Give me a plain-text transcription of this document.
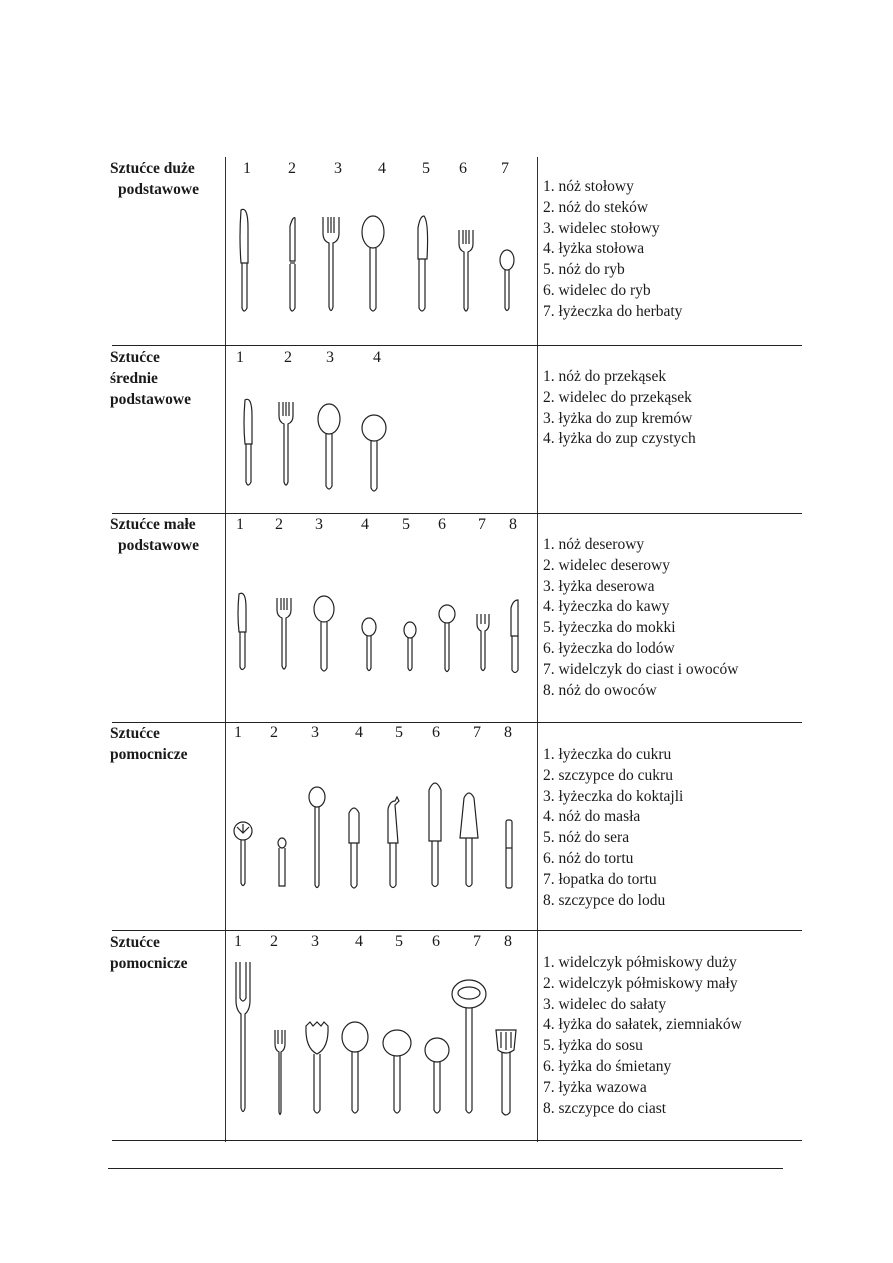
Sztućce duże
podstawowe
1 2 3 4 5 6 7
1. nóż stołowy
2. nóż do steków
3. widelec stołowy
4. łyżka stołowa
5. nóż do ryb
6. widelec do ryb
7. łyżeczka do herbaty
Sztućce
średnie
podstawowe
1	2 3 4
1. nóż do przekąsek
2. widelec do przekąsek
3. łyżka do zup kremów
4. łyżka do zup czystych
Sztućce małe
podstawowe
1 2 3 4 5 6 7 8
1. nóż deserowy
2. widelec deserowy
3. łyżka deserowa
4. łyżeczka do kawy
5. łyżeczka do mokki
6. łyżeczka do lodów
7. widelczyk do ciast i owoców
8. nóż do owoców
Sztućce
pomocnicze
1 2 3 4 5 6 7 8
1. łyżeczka do cukru
2. szczypce do cukru
3. łyżeczka do koktajli
4. nóż do masła
5. nóż do sera
6. nóż do tortu
7. łopatka do tortu
8. szczypce do lodu
Sztućce
pomocnicze
1 2 3 4 5 6 7 8
1. widelczyk półmiskowy duży
2. widelczyk półmiskowy mały
3. widelec do sałaty
4. łyżka do sałatek, ziemniaków
5. łyżka do sosu
6. łyżka do śmietany
7. łyżka wazowa
8. szczypce do ciast
